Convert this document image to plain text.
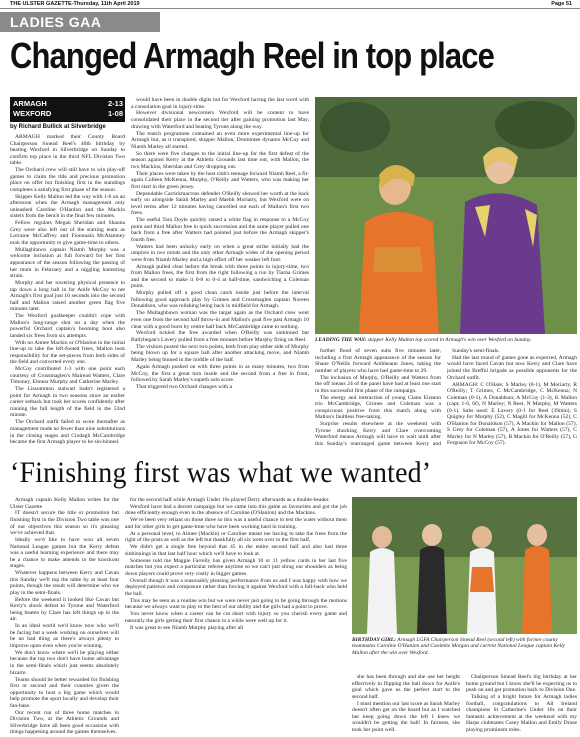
THE ULSTER GAZETTE-Thursday, 11th April 2019	Page 51
LADIES GAA
Changed Armagh Reel in top place
ARMAGH	2-13
WEXFORD	1-08
by Richard Bullick at Silverbridge

ARMAGH marked their County Board Chairperson Sinead Reel's 40th birthday by beating Wexford in Silverbridge on Sunday to confirm top place in the third NFL Division Two table.

The Orchard crew will still have to win play-off games to claim the title and precious promotion place on offer but finishing first in the standings completes a satisfying first phase of the season.

Skipper Kelly Mallon led the way with 1-6 on an afternoon when the Armagh management only unleashed Caroline O'Hanlon and the Mackin sisters from the bench in the final few minutes.

Fellow regulars Megan Sheridan and Shauna Grey were also left out of the starting team as Lorraine McCaffrey and Fionnuala McAtamney took the opportunity to give game-time to others.

Mullaghbawn captain Niamh Murphy was a welcome inclusion at full forward for her first appearance of the season following the passing of her mum in February and a niggling hamstring strain.

Murphy and her towering physical presence to tap down a long ball in for Aoife McCoy to net Armagh's first goal just 10 seconds into the second half and Mallon raised another green flag five minutes later.

The Wexford goalkeeper couldn't cope with Mallon's long-range shot on a day when the powerful Orchard captain's booming boot also landed six frees from six attempts.

With no Aimee Mackin or O'Hanlon in the initial line-up to take the left-footed frees, Mallon took responsibility for the set-pieces from both sides of the field and converted every one.

McCoy contributed 1-3 with one point each courtesy of Crossmaglen's Mairead Watters, Clare Timoney, Eimear Murphy and Catherine Marley.

The Lissummon stalwart hadn't registered a point for Armagh in two seasons since an earlier career setback but took her scores confidently after running the full length of the field in the 52nd minute.

The Orchard outfit failed to score thereafter as management made no fewer than nine substitutions in the closing stages and Clodagh McCambridge became the first Armagh player to be sin-binned.

would have been in double digits but for Wexford having the last word with a consolation goal in injury-time.

However divisional newcomers Wexford will be content to have consolidated their place in the second tier after gaining promotion last May, drawing with Waterford and beating Tyrone along the way.

The match programme contained an even more experimental line-up for Armagh but, as it transpired, skipper Mallon, Dromintee dynamo McCoy and Niamh Marley all started.

So there were five changes to the initial line-up for the first defeat of the season against Kerry at the Athletic Grounds last time out, with Mallon, the two Mackins, Sheridan and Grey dropping out.

Their places were taken by the host club's teenage forward Niamh Reel, a fit-again Colleen McKenna, Murphy, O'Reilly and Watters, who was making her first start in the green jersey.

Dependable Carrickmacross defender O'Reilly showed her worth at the back early on alongside Sarah Marley and Maebh Moriarty, but Wexford were on level terms after 12 minutes having cancelled out each of Mallon's first two frees.

The useful Tara Doyle quickly raised a white flag in response to a McCoy point and third Mallon free in quick succession and the same player pulled one back from a free after Watters had pointed just before the Armagh skipper's fourth free.

Watters had been unlucky early on when a great strike initially had the umpires in two minds and the only other Armagh wides of the opening period were from Niamh Marley and a high effort off her weaker left foot.

Armagh pulled clear before the break with three points in injury-time, two from Mallon frees, the first from the right following a run by Tiarna Grimes and the second to make it 0-8 to 0-4 at half-time, sandwiching a Coleman point.

Murphy pulled off a good clean catch inside just before the interval following good approach play by Grimes and Crossmaglen captain Noreen Donaldson, who was relishing being back in midfield for Armagh.

The Mullaghbawn woman was the target again as the Orchard crew went even one from the second half throw-in and Mallon's goal five past Armagh 10 clear with a good burst by centre half back McCambridge came to nothing.

Wexford tickled the free awarded when O'Reilly was sinbinned but Ballyhegan's Lavery pulled from a free minutes before Murphy firing on Reel.

The visitors posted the next two points, both from play either side of Murphy being blown up for a square ball after another attacking move, and Niamh Marley being binned in the middle of the half.

Again Armagh pushed on with three points in as many minutes, two from McCoy, the first a great turn inside and the second from a free in front, followed by Sarah Marley's superb solo score.

That triggered two Orchard changes with a

LEADING THE WAY: skipper Kelly Mallon top scored in Armagh's win over Wexford on Sunday.

further flood of seven subs five minutes later, including a first Armagh appearance of the season for Shane O'Neills forward Aoibheann Jones, taking the number of players who have had game-time to 29.

The inclusion of Murphy, O'Reilly and Watters from the off means 24 of the panel have had at least one start in this successful first phase of the campaign.

The energy and interaction of young Clann Eireann trio McCambridge, Grimes and Coleman was a conspicuous positive from this match along with Mallon's faultless free-taking.

Surprise results elsewhere at the weekend with Tyrone shocking Kerry and Clare overcoming Waterford means Armagh will have to wait until after this Sunday's rearranged game between Kerry and

Sunday's semi-finals.

Had the last round of games gone as expected, Armagh would have faced Cavan but now Kerry and Clare have joined the Breffni brigade as possible opponents for the Orchard outfit.

ARMAGH: C O'Hare; S Marley (0-1), M Moriarty, R O'Reilly; T Grimes, C McCambridge, C McKenna; N Coleman (0-1), A Donaldson; A McCoy (1-3), K Mallon (capt; 1-6, 6f), N Marley; N Reel, N Murphy, M Watters (0-1). Subs used: E Lavery (0-1 for Reel (39min), S Quigley for Murphy (52), C Magill for McKenna (52), C O'Hanlon for Donaldson (57), A Mackin for Mallon (57), S Grey for Coleman (57), A Jones for Watters (57), C Marley for N Marley (57), B Mackin for O'Reilly (57), G Ferguson for McCoy (57).

‘Finishing first was what we wanted’

Armagh captain Kelly Mallon writes for the Ulster Gazette

IT doesn't secure the title or promotion but finishing first in the Division Two table was one of our objectives this season so it's pleasing we've achieved that.

Ideally we'd like to have won all seven National League games but the Kerry defeat was a useful learning experience and there may be a chance to make amends in the knockout stages.

Whatever happens between Kerry and Cavan this Sunday we'll top the table by at least four points, though the result will determine who we play in the semi-finals.

Before the weekend it looked like Cavan but Kerry's shock defeat to Tyrone and Waterford being beaten by Clare has left things up in the air.

In an ideal world we'd know now who we'll be facing but a week working on ourselves will be no bad thing as there's always plenty to improve upon even when you're winning.

We don't know where we'll be playing either because the top two don't have home advantage in the semi-finals which just seems absolutely bizarre.

Teams should be better rewarded for finishing first or second and their counties given the opportunity to host a big game which would help promote the sport locally and develop their fan-base.

Our recent run of three home matches in Division Two, at the Athletic Grounds and Silverbridge have all been good occasions with things happening around the games themselves.

for the second half while Armagh Under 16s played Derry afterwards as a double-header.

Wexford have had a decent campaign but we came into this game as favourites and got the job done efficiently enough even in the absence of Caroline (O'Hanlon) and the Mackins.

We've been very reliant on those three so this was a useful chance to test the water without them and for other girls to get game-time who have been working hard in training.

At a personal level, to Aimee (Mackin) or Caroline meant me having to take the frees from the right of the posts as well as the left but thankfully all six went over in the first half.

We didn't get a single free beyond that 45 in the entire second half and also had three sinbinnings in that last half hour which we'll have to look at.

Someone told me Maggie Farrelly has given Armagh 10 or 11 yellow cards in her last five matches but you expect a particular referee anytime so we can't just shrug our shoulders as being down players could prove very costly in bigger games.

Overall though it was a reasonably pleasing performance from us and I was happy with how we deployed patience and composure rather than forcing it against Wexford with a full-back who held the ball.

This may be seen as a routine win but we were never just going to be going through the motions because we always want to play to the best of our ability and the girls had a point to prove.

You never know when a career can be cut short with injury so you cherish every game and naturally the girls getting their first chance in a while were well up for it.

It was great to see Niamh Murphy playing after all

BIRTHDAY GIRL: Armagh LGFA Chairperson Sinead Reel (second left) with former county teammates Caroline O'Hanlon and Caoimhe Morgan and current National League captain Kelly Mallon after the win over Wexford.

she has been through and she use her height effectively in flipping the ball down for Aoife's goal which gave us the perfect start to the second half.

I must mention our last score as Sarah Marley doesn't often get on the board but as I watched her keep going down the left I knew we wouldn't be getting the ball! In fairness, she took her point well.

Chairperson Sinead Reel's big birthday at her home ground but I know she'll be expecting us to push on and get promotion back to Division One.

Talking of a bright future for Armagh ladies football, congratulations to All Ireland champions St Catherine's Under 16s on their fantastic achievement at the weekend with my Harps clubmates Casey Mallon and Emily Druse playing prominent roles.
